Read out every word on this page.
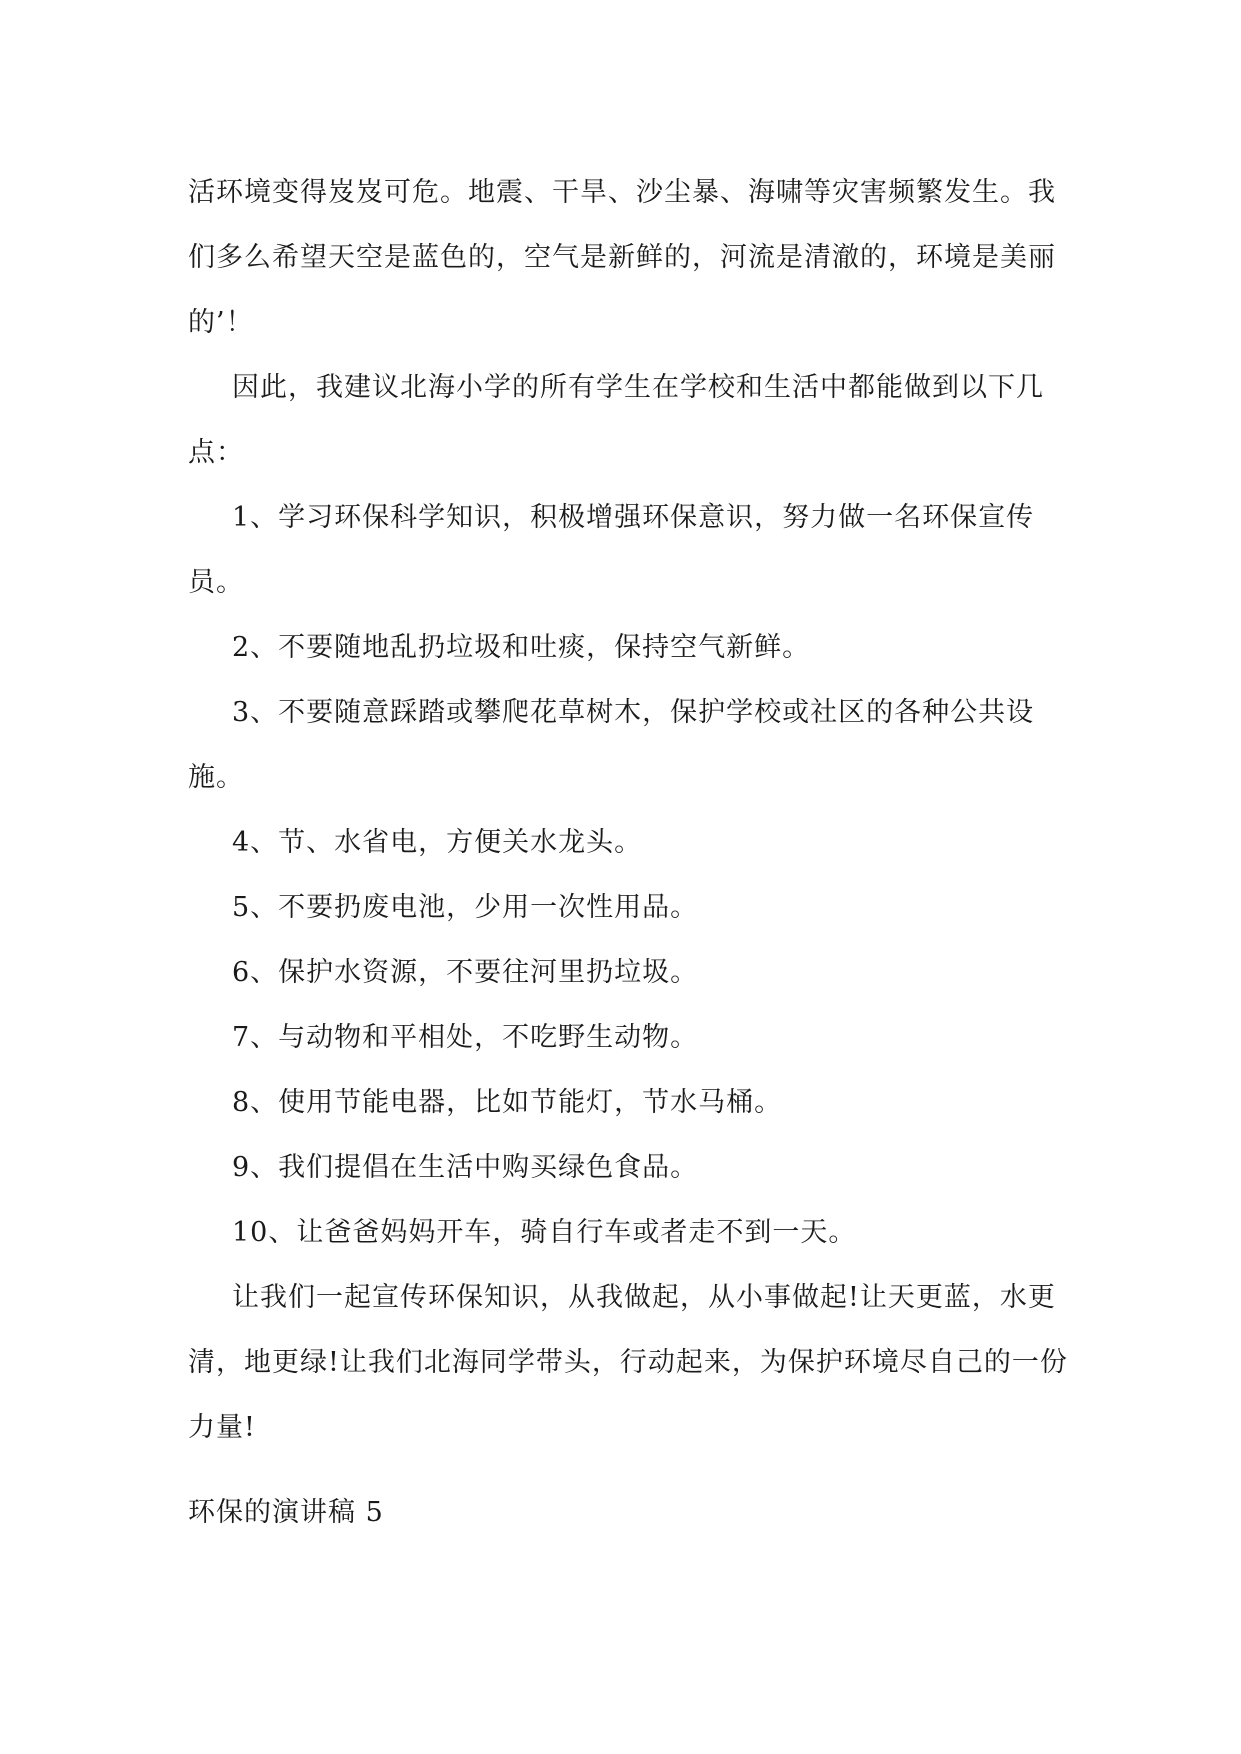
活环境变得岌岌可危。地震、干旱、沙尘暴、海啸等灾害频繁发生。我们多么希望天空是蓝色的，空气是新鲜的，河流是清澈的，环境是美丽的’！

因此，我建议北海小学的所有学生在学校和生活中都能做到以下几点：

1、学习环保科学知识，积极增强环保意识，努力做一名环保宣传员。

2、不要随地乱扔垃圾和吐痰，保持空气新鲜。

3、不要随意踩踏或攀爬花草树木，保护学校或社区的各种公共设施。

4、节、水省电，方便关水龙头。

5、不要扔废电池，少用一次性用品。

6、保护水资源，不要往河里扔垃圾。

7、与动物和平相处，不吃野生动物。

8、使用节能电器，比如节能灯，节水马桶。

9、我们提倡在生活中购买绿色食品。

10、让爸爸妈妈开车，骑自行车或者走不到一天。

让我们一起宣传环保知识，从我做起，从小事做起!让天更蓝，水更清，地更绿!让我们北海同学带头，行动起来，为保护环境尽自己的一份力量!

环保的演讲稿 5
